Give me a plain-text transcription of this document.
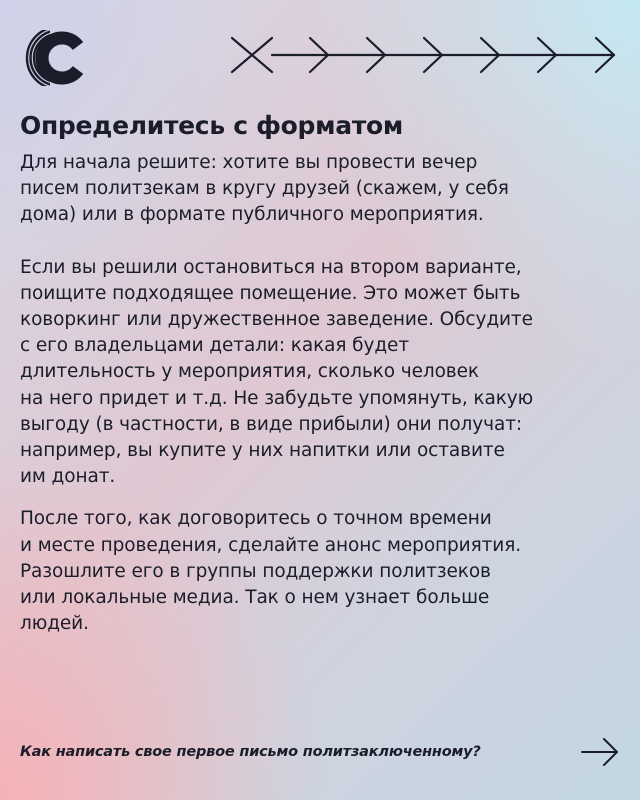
Определитесь с форматом

Для начала решите: хотите вы провести вечер
писем политзекам в кругу друзей (скажем, у себя
дома) или в формате публичного мероприятия.

Если вы решили остановиться на втором варианте,
поищите подходящее помещение. Это может быть
коворкинг или дружественное заведение. Обсудите
с его владельцами детали: какая будет
длительность у мероприятия, сколько человек
на него придет и т.д. Не забудьте упомянуть, какую
выгоду (в частности, в виде прибыли) они получат:
например, вы купите у них напитки или оставите
им донат.

После того, как договоритесь о точном времени
и месте проведения, сделайте анонс мероприятия.
Разошлите его в группы поддержки политзеков
или локальные медиа. Так о нем узнает больше
людей.

Как написать свое первое письмо политзаключенному?
